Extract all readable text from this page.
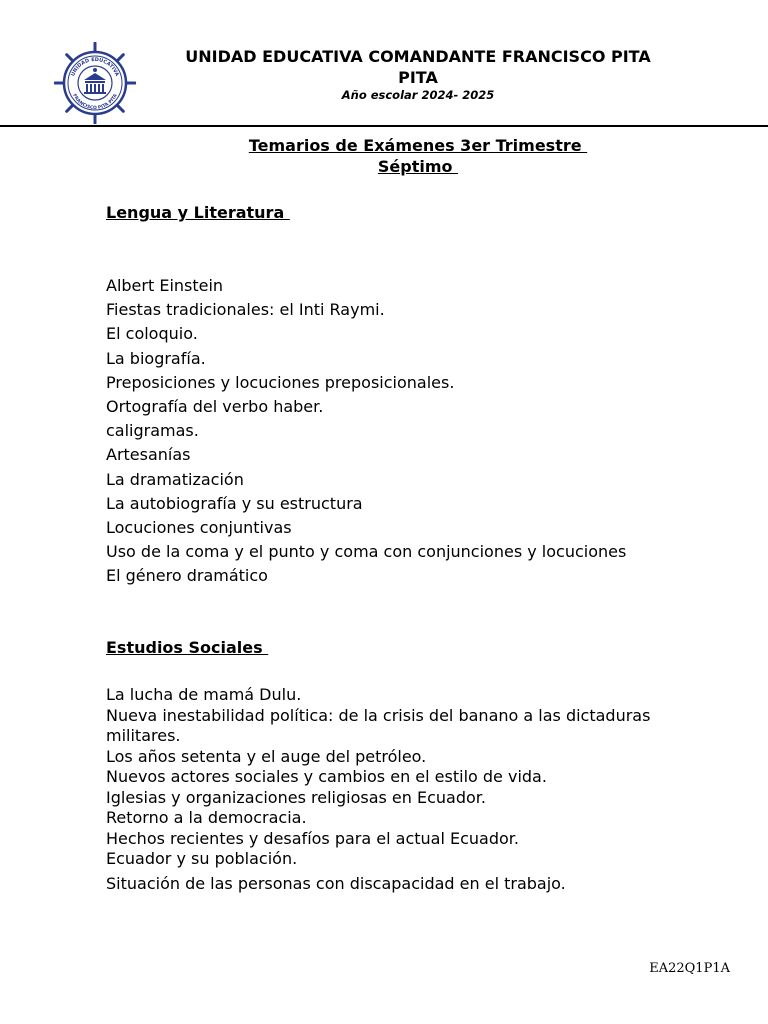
UNIDAD EDUCATIVA
FRANCISCO PITA PITA
UNIDAD EDUCATIVA COMANDANTE FRANCISCO PITA PITA
Año escolar 2024- 2025
Temarios de Exámenes 3er Trimestre
Séptimo
Lengua y Literatura
Albert Einstein
Fiestas tradicionales: el Inti Raymi.
El coloquio.
La biografía.
Preposiciones y locuciones preposicionales.
Ortografía del verbo haber.
caligramas.
Artesanías
La dramatización
La autobiografía y su estructura
Locuciones conjuntivas
Uso de la coma y el punto y coma con conjunciones y locuciones
El género dramático
Estudios Sociales
La lucha de mamá Dulu.
Nueva inestabilidad política: de la crisis del banano a las dictaduras militares.
Los años setenta y el auge del petróleo.
Nuevos actores sociales y cambios en el estilo de vida.
Iglesias y organizaciones religiosas en Ecuador.
Retorno a la democracia.
Hechos recientes y desafíos para el actual Ecuador.
Ecuador y su población.
Situación de las personas con discapacidad en el trabajo.
EA22Q1P1A
